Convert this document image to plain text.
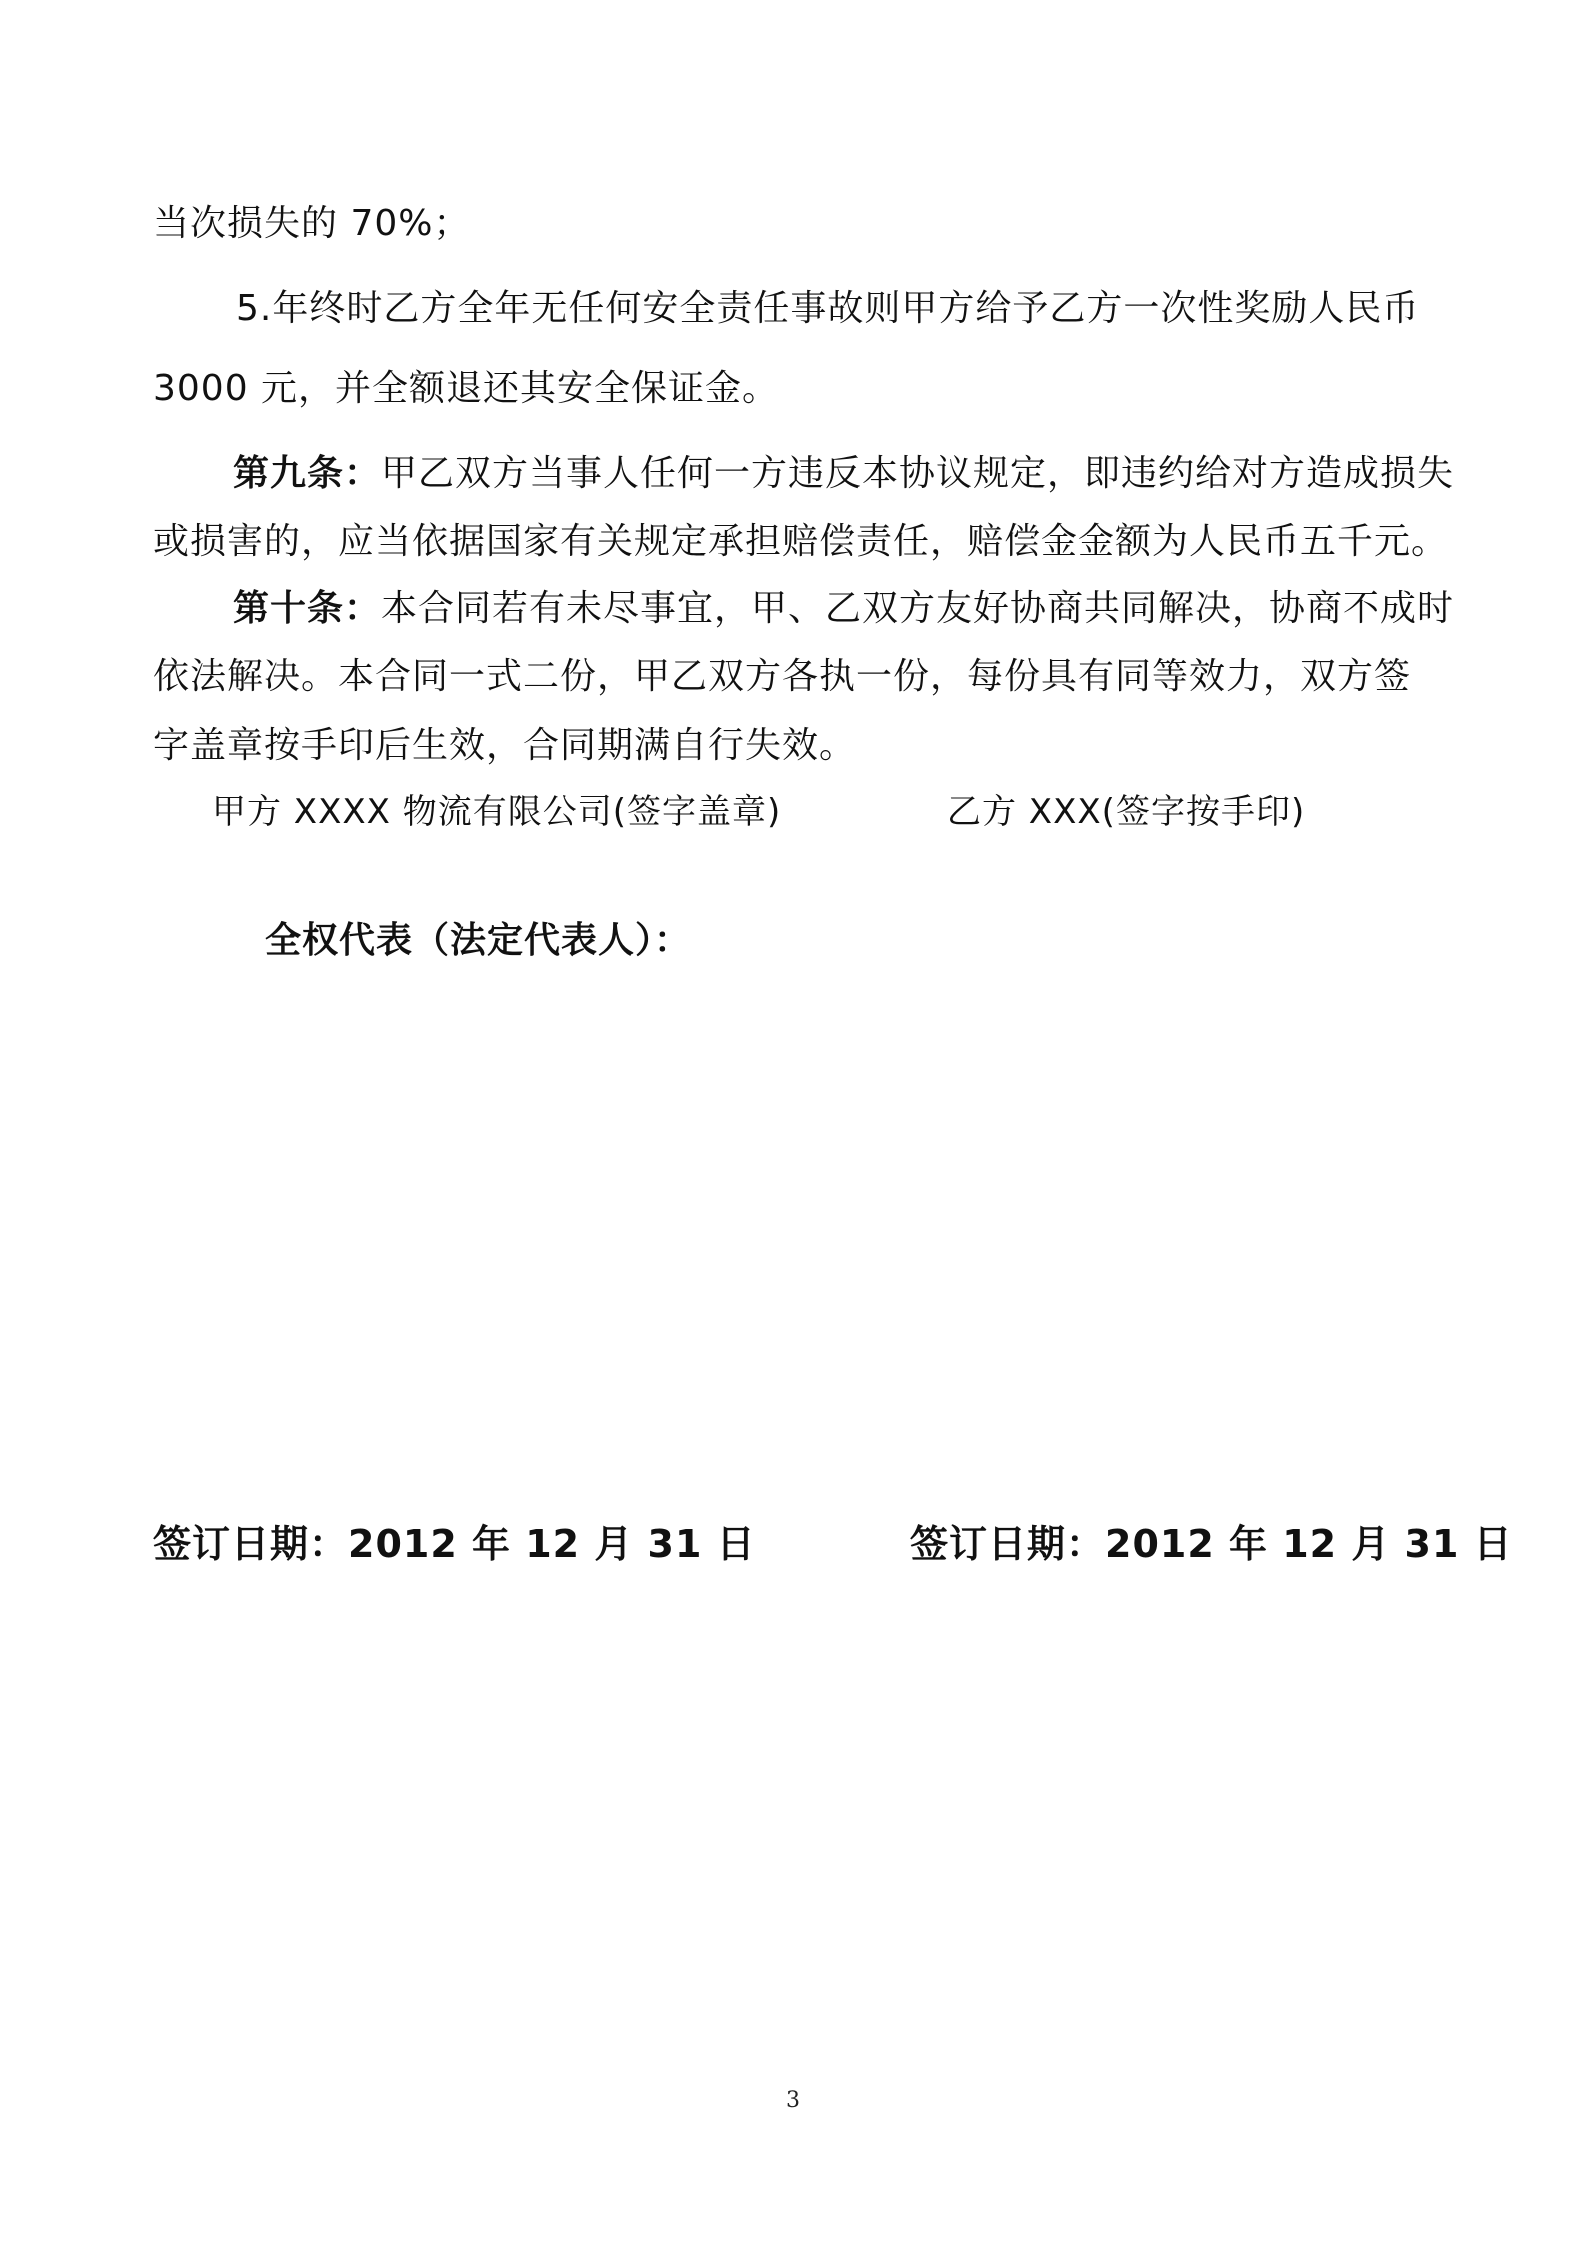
当次损失的 70%；
5.年终时乙方全年无任何安全责任事故则甲方给予乙方一次性奖励人民币
3000 元，并全额退还其安全保证金。
第九条：甲乙双方当事人任何一方违反本协议规定，即违约给对方造成损失
或损害的，应当依据国家有关规定承担赔偿责任，赔偿金金额为人民币五千元。
第十条：本合同若有未尽事宜，甲、乙双方友好协商共同解决，协商不成时
依法解决。本合同一式二份，甲乙双方各执一份，每份具有同等效力，双方签
字盖章按手印后生效，合同期满自行失效。
甲方 XXXX 物流有限公司(签字盖章)	乙方 XXX(签字按手印)
全权代表（法定代表人）：
签订日期：2012 年 12 月 31 日	签订日期：2012 年 12 月 31 日
3
